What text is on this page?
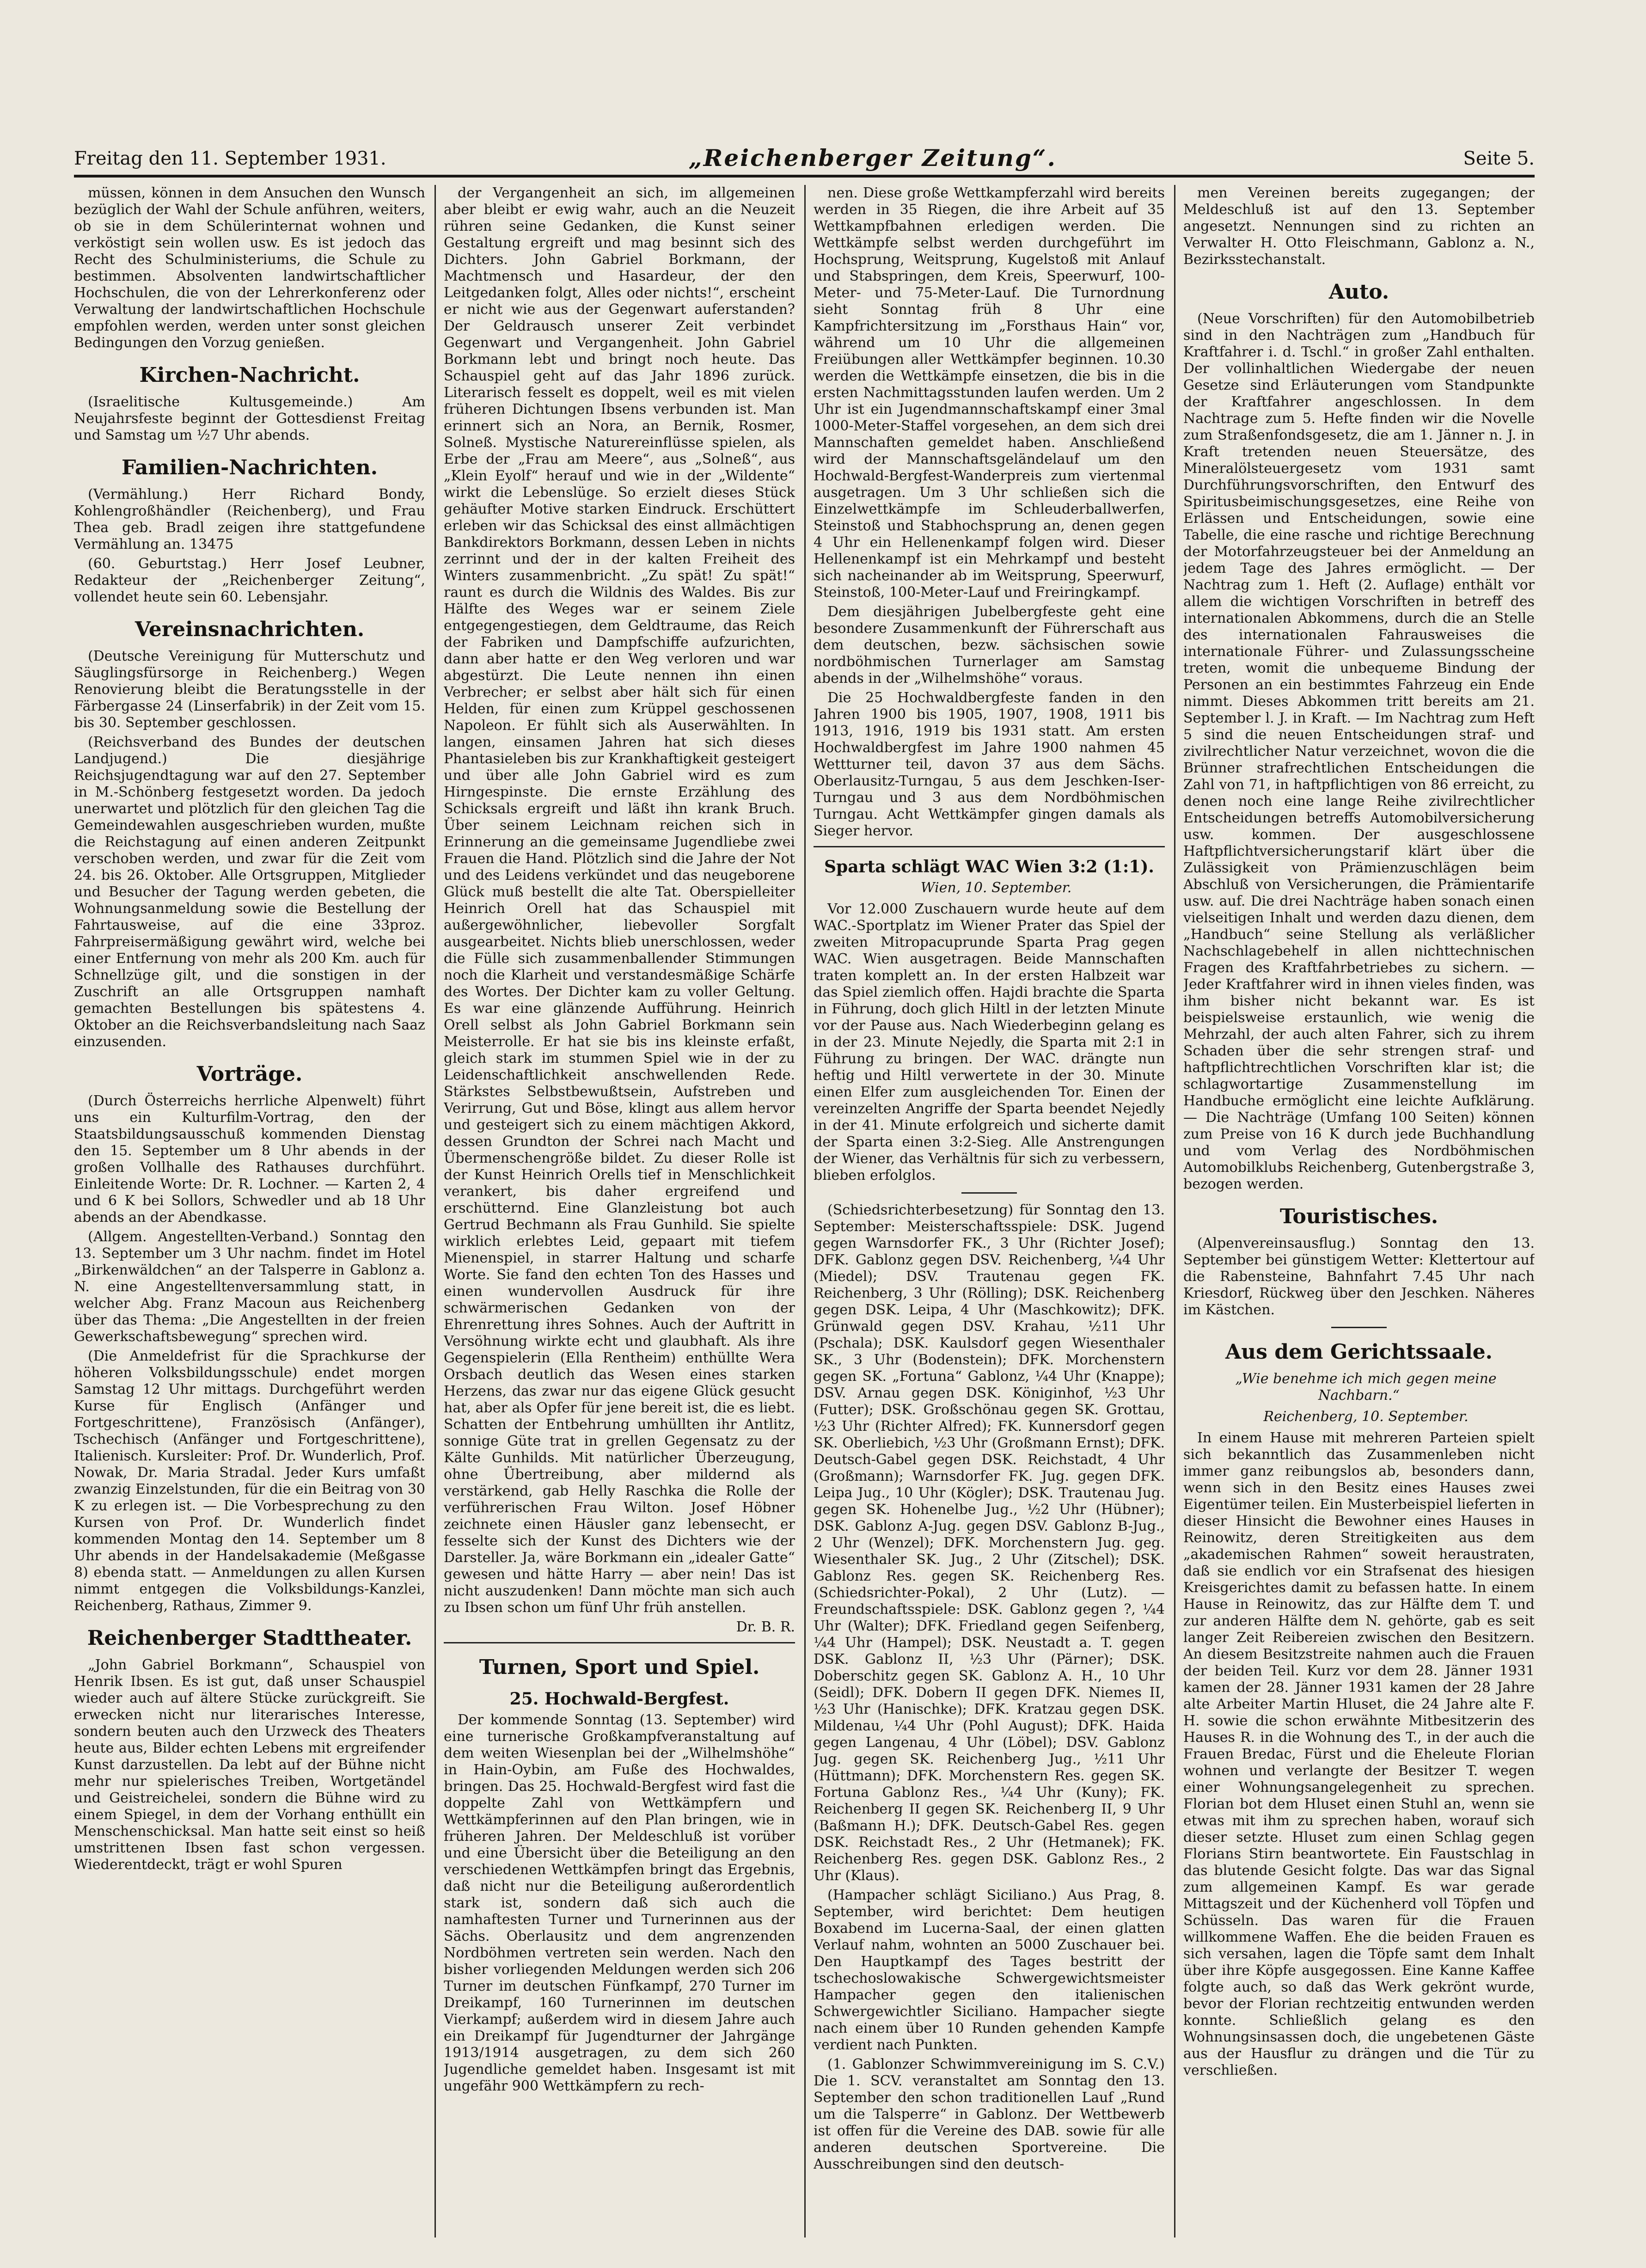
Freitag den 11. September 1931.	„Reichenberger Zeitung“.	Seite 5.

müssen, können in dem Ansuchen den Wunsch bezüglich der Wahl der Schule anführen, weiters, ob sie in dem Schülerinternat wohnen und verköstigt sein wollen usw. Es ist jedoch das Recht des Schulministeriums, die Schule zu bestimmen. Absolventen landwirtschaftlicher Hochschulen, die von der Lehrerkonferenz oder Verwaltung der landwirtschaftlichen Hochschule empfohlen werden, werden unter sonst gleichen Bedingungen den Vorzug genießen.

Kirchen-Nachricht.

(Israelitische Kultusgemeinde.) Am Neujahrsfeste beginnt der Gottesdienst Freitag und Samstag um ½7 Uhr abends.

Familien-Nachrichten.

(Vermählung.) Herr Richard Bondy, Kohlengroßhändler (Reichenberg), und Frau Thea geb. Bradl zeigen ihre stattgefundene Vermählung an. 13475

(60. Geburtstag.) Herr Josef Leubner, Redakteur der „Reichenberger Zeitung“, vollendet heute sein 60. Lebensjahr.

Vereinsnachrichten.

(Deutsche Vereinigung für Mutterschutz und Säuglingsfürsorge in Reichenberg.) Wegen Renovierung bleibt die Beratungsstelle in der Färbergasse 24 (Linserfabrik) in der Zeit vom 15. bis 30. September geschlossen.

(Reichsverband des Bundes der deutschen Landjugend.) Die diesjährige Reichsjugendtagung war auf den 27. September in M.-Schönberg festgesetzt worden. Da jedoch unerwartet und plötzlich für den gleichen Tag die Gemeindewahlen ausgeschrieben wurden, mußte die Reichstagung auf einen anderen Zeitpunkt verschoben werden, und zwar für die Zeit vom 24. bis 26. Oktober. Alle Ortsgruppen, Mitglieder und Besucher der Tagung werden gebeten, die Wohnungsanmeldung sowie die Bestellung der Fahrtausweise, auf die eine 33proz. Fahrpreisermäßigung gewährt wird, welche bei einer Entfernung von mehr als 200 Km. auch für Schnellzüge gilt, und die sonstigen in der Zuschrift an alle Ortsgruppen namhaft gemachten Bestellungen bis spätestens 4. Oktober an die Reichsverbandsleitung nach Saaz einzusenden.

Vorträge.

(Durch Österreichs herrliche Alpenwelt) führt uns ein Kulturfilm-Vortrag, den der Staatsbildungsausschuß kommenden Dienstag den 15. September um 8 Uhr abends in der großen Vollhalle des Rathauses durchführt. Einleitende Worte: Dr. R. Lochner. — Karten 2, 4 und 6 K bei Sollors, Schwedler und ab 18 Uhr abends an der Abendkasse.

(Allgem. Angestellten-Verband.) Sonntag den 13. September um 3 Uhr nachm. findet im Hotel „Birkenwäldchen“ an der Talsperre in Gablonz a. N. eine Angestelltenversammlung statt, in welcher Abg. Franz Macoun aus Reichenberg über das Thema: „Die Angestellten in der freien Gewerkschaftsbewegung“ sprechen wird.

(Die Anmeldefrist für die Sprachkurse der höheren Volksbildungsschule) endet morgen Samstag 12 Uhr mittags. Durchgeführt werden Kurse für Englisch (Anfänger und Fortgeschrittene), Französisch (Anfänger), Tschechisch (Anfänger und Fortgeschrittene), Italienisch. Kursleiter: Prof. Dr. Wunderlich, Prof. Nowak, Dr. Maria Stradal. Jeder Kurs umfaßt zwanzig Einzelstunden, für die ein Beitrag von 30 K zu erlegen ist. — Die Vorbesprechung zu den Kursen von Prof. Dr. Wunderlich findet kommenden Montag den 14. September um 8 Uhr abends in der Handelsakademie (Meßgasse 8) ebenda statt. — Anmeldungen zu allen Kursen nimmt entgegen die Volksbildungs-Kanzlei, Reichenberg, Rathaus, Zimmer 9.

Reichenberger Stadttheater.

„John Gabriel Borkmann“, Schauspiel von Henrik Ibsen. Es ist gut, daß unser Schauspiel wieder auch auf ältere Stücke zurückgreift. Sie erwecken nicht nur literarisches Interesse, sondern beuten auch den Urzweck des Theaters heute aus, Bilder echten Lebens mit ergreifender Kunst darzustellen. Da lebt auf der Bühne nicht mehr nur spielerisches Treiben, Wortgetändel und Geistreichelei, sondern die Bühne wird zu einem Spiegel, in dem der Vorhang enthüllt ein Menschenschicksal. Man hatte seit einst so heiß umstrittenen Ibsen fast schon vergessen. Wiederentdeckt, trägt er wohl Spuren

der Vergangenheit an sich, im allgemeinen aber bleibt er ewig wahr, auch an die Neuzeit rühren seine Gedanken, die Kunst seiner Gestaltung ergreift und mag besinnt sich des Dichters. John Gabriel Borkmann, der Machtmensch und Hasardeur, der den Leitgedanken folgt, Alles oder nichts!“, erscheint er nicht wie aus der Gegenwart auferstanden? Der Geldrausch unserer Zeit verbindet Gegenwart und Vergangenheit. John Gabriel Borkmann lebt und bringt noch heute. Das Schauspiel geht auf das Jahr 1896 zurück. Literarisch fesselt es doppelt, weil es mit vielen früheren Dichtungen Ibsens verbunden ist. Man erinnert sich an Nora, an Bernik, Rosmer, Solneß. Mystische Naturereinflüsse spielen, als Erbe der „Frau am Meere“, aus „Solneß“, aus „Klein Eyolf“ herauf und wie in der „Wildente“ wirkt die Lebenslüge. So erzielt dieses Stück gehäufter Motive starken Eindruck. Erschüttert erleben wir das Schicksal des einst allmächtigen Bankdirektors Borkmann, dessen Leben in nichts zerrinnt und der in der kalten Freiheit des Winters zusammenbricht. „Zu spät! Zu spät!“ raunt es durch die Wildnis des Waldes. Bis zur Hälfte des Weges war er seinem Ziele entgegengestiegen, dem Geldtraume, das Reich der Fabriken und Dampfschiffe aufzurichten, dann aber hatte er den Weg verloren und war abgestürzt. Die Leute nennen ihn einen Verbrecher; er selbst aber hält sich für einen Helden, für einen zum Krüppel geschossenen Napoleon. Er fühlt sich als Auserwählten. In langen, einsamen Jahren hat sich dieses Phantasieleben bis zur Krankhaftigkeit gesteigert und über alle John Gabriel wird es zum Hirngespinste. Die ernste Erzählung des Schicksals ergreift und läßt ihn krank Bruch. Über seinem Leichnam reichen sich in Erinnerung an die gemeinsame Jugendliebe zwei Frauen die Hand. Plötzlich sind die Jahre der Not und des Leidens verkündet und das neugeborene Glück muß bestellt die alte Tat. Oberspielleiter Heinrich Orell hat das Schauspiel mit außergewöhnlicher, liebevoller Sorgfalt ausgearbeitet. Nichts blieb unerschlossen, weder die Fülle sich zusammenballender Stimmungen noch die Klarheit und verstandesmäßige Schärfe des Wortes. Der Dichter kam zu voller Geltung. Es war eine glänzende Aufführung. Heinrich Orell selbst als John Gabriel Borkmann sein Meisterrolle. Er hat sie bis ins kleinste erfaßt, gleich stark im stummen Spiel wie in der zu Leidenschaftlichkeit anschwellenden Rede. Stärkstes Selbstbewußtsein, Aufstreben und Verirrung, Gut und Böse, klingt aus allem hervor und gesteigert sich zu einem mächtigen Akkord, dessen Grundton der Schrei nach Macht und Übermenschengröße bildet. Zu dieser Rolle ist der Kunst Heinrich Orells tief in Menschlichkeit verankert, bis daher ergreifend und erschütternd. Eine Glanzleistung bot auch Gertrud Bechmann als Frau Gunhild. Sie spielte wirklich erlebtes Leid, gepaart mit tiefem Mienenspiel, in starrer Haltung und scharfe Worte. Sie fand den echten Ton des Hasses und einen wundervollen Ausdruck für ihre schwärmerischen Gedanken von der Ehrenrettung ihres Sohnes. Auch der Auftritt in Versöhnung wirkte echt und glaubhaft. Als ihre Gegenspielerin (Ella Rentheim) enthüllte Wera Orsbach deutlich das Wesen eines starken Herzens, das zwar nur das eigene Glück gesucht hat, aber als Opfer für jene bereit ist, die es liebt. Schatten der Entbehrung umhüllten ihr Antlitz, sonnige Güte trat in grellen Gegensatz zu der Kälte Gunhilds. Mit natürlicher Überzeugung, ohne Übertreibung, aber mildernd als verstärkend, gab Helly Raschka die Rolle der verführerischen Frau Wilton. Josef Höbner zeichnete einen Häusler ganz lebensecht, er fesselte sich der Kunst des Dichters wie der Darsteller. Ja, wäre Borkmann ein „idealer Gatte“ gewesen und hätte Harry — aber nein! Das ist nicht auszudenken! Dann möchte man sich auch zu Ibsen schon um fünf Uhr früh anstellen.

Dr. B. R.

Turnen, Sport und Spiel.
25. Hochwald-Bergfest.

Der kommende Sonntag (13. September) wird eine turnerische Großkampfveranstaltung auf dem weiten Wiesenplan bei der „Wilhelmshöhe“ in Hain-Oybin, am Fuße des Hochwaldes, bringen. Das 25. Hochwald-Bergfest wird fast die doppelte Zahl von Wettkämpfern und Wettkämpferinnen auf den Plan bringen, wie in früheren Jahren. Der Meldeschluß ist vorüber und eine Übersicht über die Beteiligung an den verschiedenen Wettkämpfen bringt das Ergebnis, daß nicht nur die Beteiligung außerordentlich stark ist, sondern daß sich auch die namhaftesten Turner und Turnerinnen aus der Sächs. Oberlausitz und dem angrenzenden Nordböhmen vertreten sein werden. Nach den bisher vorliegenden Meldungen werden sich 206 Turner im deutschen Fünfkampf, 270 Turner im Dreikampf, 160 Turnerinnen im deutschen Vierkampf; außerdem wird in diesem Jahre auch ein Dreikampf für Jugendturner der Jahrgänge 1913/1914 ausgetragen, zu dem sich 260 Jugendliche gemeldet haben. Insgesamt ist mit ungefähr 900 Wettkämpfern zu rech-

nen. Diese große Wettkampferzahl wird bereits werden in 35 Riegen, die ihre Arbeit auf 35 Wettkampfbahnen erledigen werden. Die Wettkämpfe selbst werden durchgeführt im Hochsprung, Weitsprung, Kugelstoß mit Anlauf und Stabspringen, dem Kreis, Speerwurf, 100-Meter- und 75-Meter-Lauf. Die Turnordnung sieht Sonntag früh 8 Uhr eine Kampfrichtersitzung im „Forsthaus Hain“ vor, während um 10 Uhr die allgemeinen Freiübungen aller Wettkämpfer beginnen. 10.30 werden die Wettkämpfe einsetzen, die bis in die ersten Nachmittagsstunden laufen werden. Um 2 Uhr ist ein Jugendmannschaftskampf einer 3mal 1000-Meter-Staffel vorgesehen, an dem sich drei Mannschaften gemeldet haben. Anschließend wird der Mannschaftsgeländelauf um den Hochwald-Bergfest-Wanderpreis zum viertenmal ausgetragen. Um 3 Uhr schließen sich die Einzelwettkämpfe im Schleuderballwerfen, Steinstoß und Stabhochsprung an, denen gegen 4 Uhr ein Hellenenkampf folgen wird. Dieser Hellenenkampf ist ein Mehrkampf und besteht sich nacheinander ab im Weitsprung, Speerwurf, Steinstoß, 100-Meter-Lauf und Freiringkampf.

Dem diesjährigen Jubelbergfeste geht eine besondere Zusammenkunft der Führerschaft aus dem deutschen, bezw. sächsischen sowie nordböhmischen Turnerlager am Samstag abends in der „Wilhelmshöhe“ voraus.

Die 25 Hochwaldbergfeste fanden in den Jahren 1900 bis 1905, 1907, 1908, 1911 bis 1913, 1916, 1919 bis 1931 statt. Am ersten Hochwaldbergfest im Jahre 1900 nahmen 45 Wettturner teil, davon 37 aus dem Sächs. Oberlausitz-Turngau, 5 aus dem Jeschken-Iser-Turngau und 3 aus dem Nordböhmischen Turngau. Acht Wettkämpfer gingen damals als Sieger hervor.

Sparta schlägt WAC Wien 3:2 (1:1).

Wien, 10. September.

Vor 12.000 Zuschauern wurde heute auf dem WAC.-Sportplatz im Wiener Prater das Spiel der zweiten Mitropacuprunde Sparta Prag gegen WAC. Wien ausgetragen. Beide Mannschaften traten komplett an. In der ersten Halbzeit war das Spiel ziemlich offen. Hajdi brachte die Sparta in Führung, doch glich Hiltl in der letzten Minute vor der Pause aus. Nach Wiederbeginn gelang es in der 23. Minute Nejedly, die Sparta mit 2:1 in Führung zu bringen. Der WAC. drängte nun heftig und Hiltl verwertete in der 30. Minute einen Elfer zum ausgleichenden Tor. Einen der vereinzelten Angriffe der Sparta beendet Nejedly in der 41. Minute erfolgreich und sicherte damit der Sparta einen 3:2-Sieg. Alle Anstrengungen der Wiener, das Verhältnis für sich zu verbessern, blieben erfolglos.

(Schiedsrichterbesetzung) für Sonntag den 13. September: Meisterschaftsspiele: DSK. Jugend gegen Warnsdorfer FK., 3 Uhr (Richter Josef); DFK. Gablonz gegen DSV. Reichenberg, ¼4 Uhr (Miedel); DSV. Trautenau gegen FK. Reichenberg, 3 Uhr (Rölling); DSK. Reichenberg gegen DSK. Leipa, 4 Uhr (Maschkowitz); DFK. Grünwald gegen DSV. Krahau, ½11 Uhr (Pschala); DSK. Kaulsdorf gegen Wiesenthaler SK., 3 Uhr (Bodenstein); DFK. Morchenstern gegen SK. „Fortuna“ Gablonz, ¼4 Uhr (Knappe); DSV. Arnau gegen DSK. Königinhof, ½3 Uhr (Futter); DSK. Großschönau gegen SK. Grottau, ½3 Uhr (Richter Alfred); FK. Kunnersdorf gegen SK. Oberliebich, ½3 Uhr (Großmann Ernst); DFK. Deutsch-Gabel gegen DSK. Reichstadt, 4 Uhr (Großmann); Warnsdorfer FK. Jug. gegen DFK. Leipa Jug., 10 Uhr (Kögler); DSK. Trautenau Jug. gegen SK. Hohenelbe Jug., ½2 Uhr (Hübner); DSK. Gablonz A-Jug. gegen DSV. Gablonz B-Jug., 2 Uhr (Wenzel); DFK. Morchenstern Jug. geg. Wiesenthaler SK. Jug., 2 Uhr (Zitschel); DSK. Gablonz Res. gegen SK. Reichenberg Res. (Schiedsrichter-Pokal), 2 Uhr (Lutz). — Freundschaftsspiele: DSK. Gablonz gegen ?, ¼4 Uhr (Walter); DFK. Friedland gegen Seifenberg, ¼4 Uhr (Hampel); DSK. Neustadt a. T. gegen DSK. Gablonz II, ½3 Uhr (Pärner); DSK. Doberschitz gegen SK. Gablonz A. H., 10 Uhr (Seidl); DFK. Dobern II gegen DFK. Niemes II, ½3 Uhr (Hanischke); DFK. Kratzau gegen DSK. Mildenau, ¼4 Uhr (Pohl August); DFK. Haida gegen Langenau, 4 Uhr (Löbel); DSV. Gablonz Jug. gegen SK. Reichenberg Jug., ½11 Uhr (Hüttmann); DFK. Morchenstern Res. gegen SK. Fortuna Gablonz Res., ¼4 Uhr (Kuny); FK. Reichenberg II gegen SK. Reichenberg II, 9 Uhr (Baßmann H.); DFK. Deutsch-Gabel Res. gegen DSK. Reichstadt Res., 2 Uhr (Hetmanek); FK. Reichenberg Res. gegen DSK. Gablonz Res., 2 Uhr (Klaus).

(Hampacher schlägt Siciliano.) Aus Prag, 8. September, wird berichtet: Dem heutigen Boxabend im Lucerna-Saal, der einen glatten Verlauf nahm, wohnten an 5000 Zuschauer bei. Den Hauptkampf des Tages bestritt der tschechoslowakische Schwergewichtsmeister Hampacher gegen den italienischen Schwergewichtler Siciliano. Hampacher siegte nach einem über 10 Runden gehenden Kampfe verdient nach Punkten.

(1. Gablonzer Schwimmvereinigung im S. C.V.) Die 1. SCV. veranstaltet am Sonntag den 13. September den schon traditionellen Lauf „Rund um die Talsperre“ in Gablonz. Der Wettbewerb ist offen für die Vereine des DAB. sowie für alle anderen deutschen Sportvereine. Die Ausschreibungen sind den deutsch-

men Vereinen bereits zugegangen; der Meldeschluß ist auf den 13. September angesetzt. Nennungen sind zu richten an Verwalter H. Otto Fleischmann, Gablonz a. N., Bezirksstechanstalt.

Auto.

(Neue Vorschriften) für den Automobilbetrieb sind in den Nachträgen zum „Handbuch für Kraftfahrer i. d. Tschl.“ in großer Zahl enthalten. Der vollinhaltlichen Wiedergabe der neuen Gesetze sind Erläuterungen vom Standpunkte der Kraftfahrer angeschlossen. In dem Nachtrage zum 5. Hefte finden wir die Novelle zum Straßenfondsgesetz, die am 1. Jänner n. J. in Kraft tretenden neuen Steuersätze, des Mineralölsteuergesetz vom 1931 samt Durchführungsvorschriften, den Entwurf des Spiritusbeimischungsgesetzes, eine Reihe von Erlässen und Entscheidungen, sowie eine Tabelle, die eine rasche und richtige Berechnung der Motorfahrzeugsteuer bei der Anmeldung an jedem Tage des Jahres ermöglicht. — Der Nachtrag zum 1. Heft (2. Auflage) enthält vor allem die wichtigen Vorschriften in betreff des internationalen Abkommens, durch die an Stelle des internationalen Fahrausweises die internationale Führer- und Zulassungsscheine treten, womit die unbequeme Bindung der Personen an ein bestimmtes Fahrzeug ein Ende nimmt. Dieses Abkommen tritt bereits am 21. September l. J. in Kraft. — Im Nachtrag zum Heft 5 sind die neuen Entscheidungen straf- und zivilrechtlicher Natur verzeichnet, wovon die die Brünner strafrechtlichen Entscheidungen die Zahl von 71, in haftpflichtigen von 86 erreicht, zu denen noch eine lange Reihe zivilrechtlicher Entscheidungen betreffs Automobilversicherung usw. kommen. Der ausgeschlossene Haftpflichtversicherungstarif klärt über die Zulässigkeit von Prämienzuschlägen beim Abschluß von Versicherungen, die Prämientarife usw. auf. Die drei Nachträge haben sonach einen vielseitigen Inhalt und werden dazu dienen, dem „Handbuch“ seine Stellung als verläßlicher Nachschlagebehelf in allen nichttechnischen Fragen des Kraftfahrbetriebes zu sichern. — Jeder Kraftfahrer wird in ihnen vieles finden, was ihm bisher nicht bekannt war. Es ist beispielsweise erstaunlich, wie wenig die Mehrzahl, der auch alten Fahrer, sich zu ihrem Schaden über die sehr strengen straf- und haftpflichtrechtlichen Vorschriften klar ist; die schlagwortartige Zusammenstellung im Handbuche ermöglicht eine leichte Aufklärung. — Die Nachträge (Umfang 100 Seiten) können zum Preise von 16 K durch jede Buchhandlung und vom Verlag des Nordböhmischen Automobilklubs Reichenberg, Gutenbergstraße 3, bezogen werden.

Touristisches.

(Alpenvereinsausflug.) Sonntag den 13. September bei günstigem Wetter: Klettertour auf die Rabensteine, Bahnfahrt 7.45 Uhr nach Kriesdorf, Rückweg über den Jeschken. Näheres im Kästchen.

Aus dem Gerichtssaale.

„Wie benehme ich mich gegen meine Nachbarn.“

Reichenberg, 10. September.

In einem Hause mit mehreren Parteien spielt sich bekanntlich das Zusammenleben nicht immer ganz reibungslos ab, besonders dann, wenn sich in den Besitz eines Hauses zwei Eigentümer teilen. Ein Musterbeispiel lieferten in dieser Hinsicht die Bewohner eines Hauses in Reinowitz, deren Streitigkeiten aus dem „akademischen Rahmen“ soweit heraustraten, daß sie endlich vor ein Strafsenat des hiesigen Kreisgerichtes damit zu befassen hatte. In einem Hause in Reinowitz, das zur Hälfte dem T. und zur anderen Hälfte dem N. gehörte, gab es seit langer Zeit Reibereien zwischen den Besitzern. An diesem Besitzstreite nahmen auch die Frauen der beiden Teil. Kurz vor dem 28. Jänner 1931 kamen der 28. Jänner 1931 kamen der 28 Jahre alte Arbeiter Martin Hluset, die 24 Jahre alte F. H. sowie die schon erwähnte Mitbesitzerin des Hauses R. in die Wohnung des T., in der auch die Frauen Bredac, Fürst und die Eheleute Florian wohnen und verlangte der Besitzer T. wegen einer Wohnungsangelegenheit zu sprechen. Florian bot dem Hluset einen Stuhl an, wenn sie etwas mit ihm zu sprechen haben, worauf sich dieser setzte. Hluset zum einen Schlag gegen Florians Stirn beantwortete. Ein Faustschlag in das blutende Gesicht folgte. Das war das Signal zum allgemeinen Kampf. Es war gerade Mittagszeit und der Küchenherd voll Töpfen und Schüsseln. Das waren für die Frauen willkommene Waffen. Ehe die beiden Frauen es sich versahen, lagen die Töpfe samt dem Inhalt über ihre Köpfe ausgegossen. Eine Kanne Kaffee folgte auch, so daß das Werk gekrönt wurde, bevor der Florian rechtzeitig entwunden werden konnte. Schließlich gelang es den Wohnungsinsassen doch, die ungebetenen Gäste aus der Hausflur zu drängen und die Tür zu verschließen.
